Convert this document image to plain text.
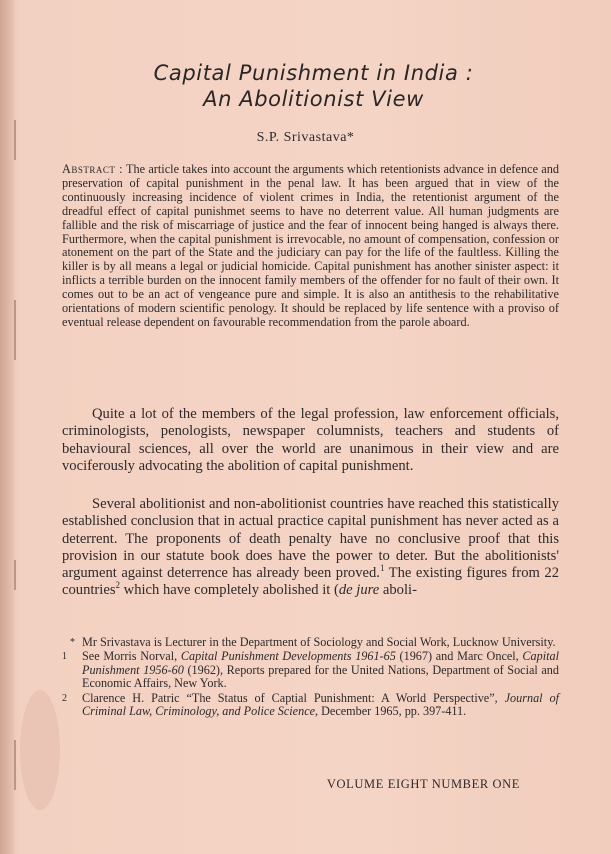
Capital Punishment in India :
An Abolitionist View
S.P. Srivastava*
Abstract : The article takes into account the arguments which retentionists advance in defence and preservation of capital punishment in the penal law. It has been argued that in view of the continuously increasing incidence of violent crimes in India, the retentionist argument of the dreadful effect of capital punishmet seems to have no deterrent value. All human judgments are fallible and the risk of miscarriage of justice and the fear of innocent being hanged is always there. Furthermore, when the capital punishment is irrevocable, no amount of compensation, confession or atonement on the part of the State and the judiciary can pay for the life of the faultless. Killing the killer is by all means a legal or judicial homicide. Capital punishment has another sinister aspect: it inflicts a terrible burden on the innocent family members of the offender for no fault of their own. It comes out to be an act of vengeance pure and simple. It is also an antithesis to the rehabilitative orientations of modern scientific penology. It should be replaced by life sentence with a proviso of eventual release dependent on favourable recommendation from the parole aboard.
Quite a lot of the members of the legal profession, law enforcement officials, criminologists, penologists, newspaper columnists, teachers and students of behavioural sciences, all over the world are unanimous in their view and are vociferously advocating the abolition of capital punishment.
Several abolitionist and non-abolitionist countries have reached this statistically established conclusion that in actual practice capital punishment has never acted as a deterrent. The proponents of death penalty have no conclusive proof that this provision in our statute book does have the power to deter. But the abolitionists' argument against deterrence has already been proved.$^1$ The existing figures from 22 countries$^2$ which have completely abolished it (de jure aboli-
* Mr Srivastava is Lecturer in the Department of Sociology and Social Work, Lucknow University.
1 See Morris Norval, Capital Punishment Developments 1961-65 (1967) and Marc Oncel, Capital Punishment 1956-60 (1962), Reports prepared for the United Nations, Department of Social and Economic Affairs, New York.
2 Clarence H. Patric “The Status of Captial Punishment: A World Perspective”, Journal of Criminal Law, Criminology, and Police Science, December 1965, pp. 397-411.
VOLUME EIGHT NUMBER ONE
